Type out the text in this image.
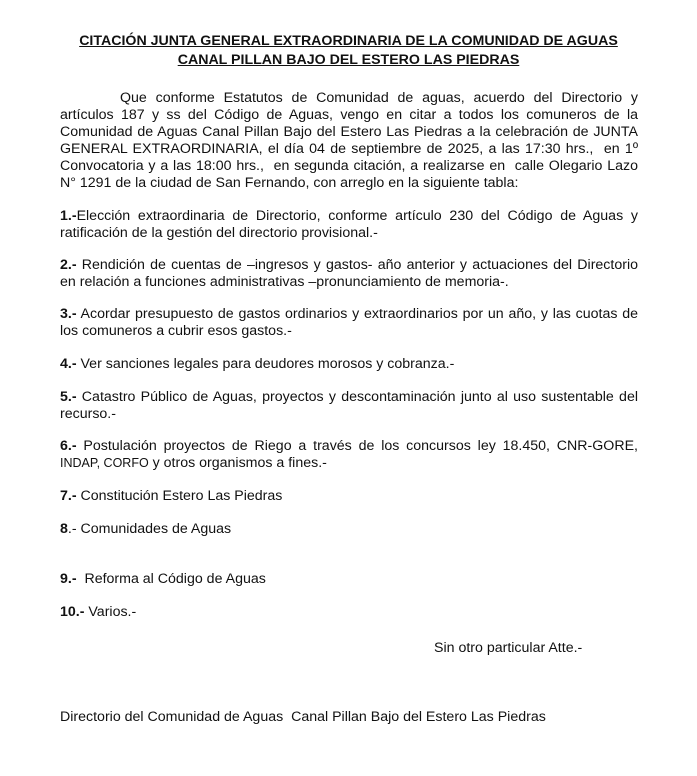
CITACIÓN JUNTA GENERAL EXTRAORDINARIA DE LA COMUNIDAD DE AGUAS
CANAL PILLAN BAJO DEL ESTERO LAS PIEDRAS
Que conforme Estatutos de Comunidad de aguas, acuerdo del Directorio y artículos 187 y ss del Código de Aguas, vengo en citar a todos los comuneros de la Comunidad de Aguas Canal Pillan Bajo del Estero Las Piedras a la celebración de JUNTA GENERAL EXTRAORDINARIA, el día 04 de septiembre de 2025, a las 17:30 hrs.,  en 1º Convocatoria y a las 18:00 hrs.,  en segunda citación, a realizarse en  calle Olegario Lazo N° 1291 de la ciudad de San Fernando, con arreglo en la siguiente tabla:
1.-Elección extraordinaria de Directorio, conforme artículo 230 del Código de Aguas y ratificación de la gestión del directorio provisional.-
2.- Rendición de cuentas de –ingresos y gastos- año anterior y actuaciones del Directorio en relación a funciones administrativas –pronunciamiento de memoria-.
3.- Acordar presupuesto de gastos ordinarios y extraordinarios por un año, y las cuotas de los comuneros a cubrir esos gastos.-
4.- Ver sanciones legales para deudores morosos y cobranza.-
5.- Catastro Público de Aguas, proyectos y descontaminación junto al uso sustentable del recurso.-
6.- Postulación proyectos de Riego a través de los concursos ley 18.450, CNR-GORE, INDAP, CORFO y otros organismos a fines.-
7.- Constitución Estero Las Piedras
8.- Comunidades de Aguas
9.-  Reforma al Código de Aguas
10.- Varios.-
Sin otro particular Atte.-
Directorio del Comunidad de Aguas  Canal Pillan Bajo del Estero Las Piedras
